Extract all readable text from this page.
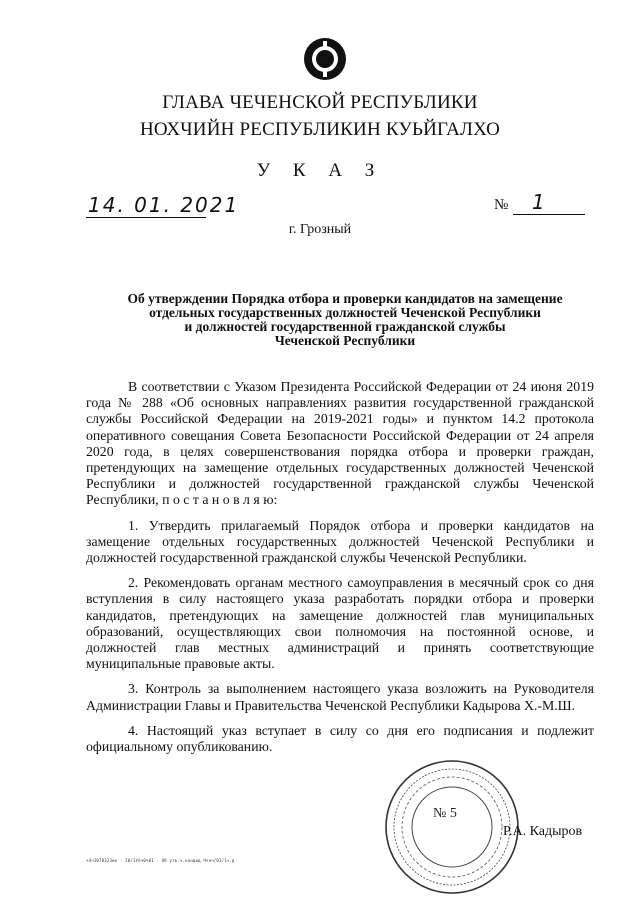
ГЛАВА ЧЕЧЕНСКОЙ РЕСПУБЛИКИ
НОХЧИЙН РЕСПУБЛИКИН КУЬЙГАЛХО
У К А З
14. 01. 2021	№ 1
г. Грозный
Об утверждении Порядка отбора и проверки кандидатов на замещение
отдельных государственных должностей Чеченской Республики
и должностей государственной гражданской службы
Чеченской Республики

В соответствии с Указом Президента Российской Федерации от 24 июня 2019 года № 288 «Об основных направлениях развития государственной гражданской службы Российской Федерации на 2019-2021 годы» и пунктом 14.2 протокола оперативного совещания Совета Безопасности Российской Федерации от 24 апреля 2020 года, в целях совершенствования порядка отбора и проверки граждан, претендующих на замещение отдельных государственных должностей Чеченской Республики и должностей государственной гражданской службы Чеченской Республики, п о с т а н о в л я ю:

1. Утвердить прилагаемый Порядок отбора и проверки кандидатов на замещение отдельных государственных должностей Чеченской Республики и должностей государственной гражданской службы Чеченской Республики.

2. Рекомендовать органам местного самоуправления в месячный срок со дня вступления в силу настоящего указа разработать порядки отбора и проверки кандидатов, претендующих на замещение должностей глав муниципальных образований, осуществляющих свои полномочия на постоянной основе, и должностей глав местных администраций и принять соответствующие муниципальные правовые акты.

3. Контроль за выполнением настоящего указа возложить на Руководителя Администрации Главы и Правительства Чеченской Республики Кадырова Х.-М.Ш.

4. Настоящий указ вступает в силу со дня его подписания и подлежит официальному опубликованию.

№ 5
Р.А. Кадыров
ч4ч1070323ин · 20/1Уёч0ч01 · Об утв.ч.кандид.Ччнч/01/1ч.д
